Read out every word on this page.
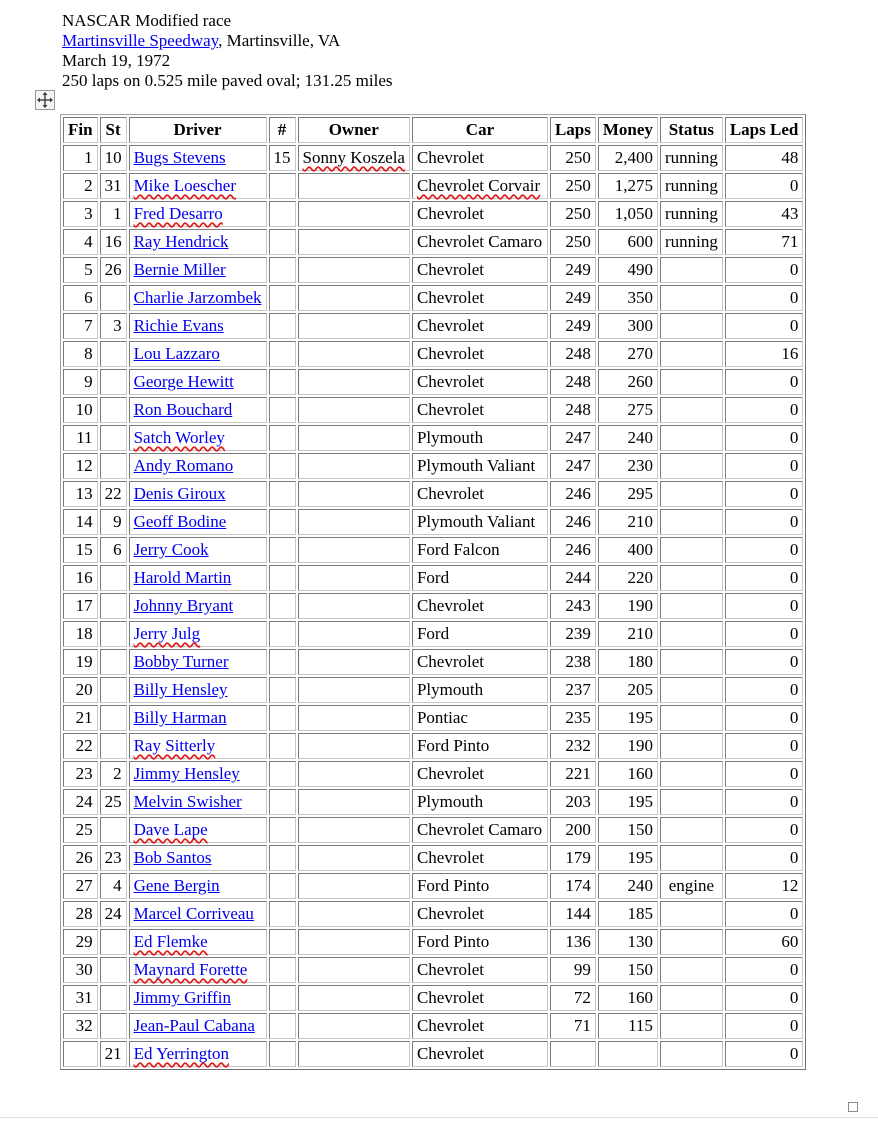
NASCAR Modified race
Martinsville Speedway, Martinsville, VA
March 19, 1972
250 laps on 0.525 mile paved oval; 131.25 miles
Fin	St	Driver	#	Owner	Car	Laps	Money	Status	Laps Led
1	10	Bugs Stevens	15	Sonny Koszela	Chevrolet	250	2,400	running	48
2	31	Mike Loescher			Chevrolet Corvair	250	1,275	running	0
3	1	Fred Desarro			Chevrolet	250	1,050	running	43
4	16	Ray Hendrick			Chevrolet Camaro	250	600	running	71
5	26	Bernie Miller			Chevrolet	249	490		0
6		Charlie Jarzombek			Chevrolet	249	350		0
7	3	Richie Evans			Chevrolet	249	300		0
8		Lou Lazzaro			Chevrolet	248	270		16
9		George Hewitt			Chevrolet	248	260		0
10		Ron Bouchard			Chevrolet	248	275		0
11		Satch Worley			Plymouth	247	240		0
12		Andy Romano			Plymouth Valiant	247	230		0
13	22	Denis Giroux			Chevrolet	246	295		0
14	9	Geoff Bodine			Plymouth Valiant	246	210		0
15	6	Jerry Cook			Ford Falcon	246	400		0
16		Harold Martin			Ford	244	220		0
17		Johnny Bryant			Chevrolet	243	190		0
18		Jerry Julg			Ford	239	210		0
19		Bobby Turner			Chevrolet	238	180		0
20		Billy Hensley			Plymouth	237	205		0
21		Billy Harman			Pontiac	235	195		0
22		Ray Sitterly			Ford Pinto	232	190		0
23	2	Jimmy Hensley			Chevrolet	221	160		0
24	25	Melvin Swisher			Plymouth	203	195		0
25		Dave Lape			Chevrolet Camaro	200	150		0
26	23	Bob Santos			Chevrolet	179	195		0
27	4	Gene Bergin			Ford Pinto	174	240	engine	12
28	24	Marcel Corriveau			Chevrolet	144	185		0
29		Ed Flemke			Ford Pinto	136	130		60
30		Maynard Forette			Chevrolet	99	150		0
31		Jimmy Griffin			Chevrolet	72	160		0
32		Jean-Paul Cabana			Chevrolet	71	115		0
	21	Ed Yerrington			Chevrolet				0
